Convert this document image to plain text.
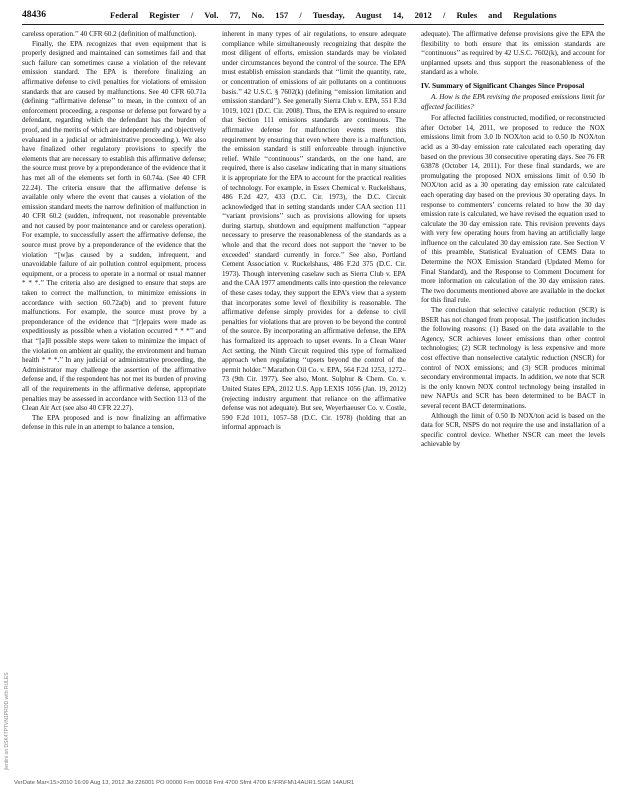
48436	Federal Register / Vol. 77, No. 157 / Tuesday, August 14, 2012 / Rules and Regulations

careless operation.’’ 40 CFR 60.2 (definition of malfunction).

Finally, the EPA recognizes that even equipment that is properly designed and maintained can sometimes fail and that such failure can sometimes cause a violation of the relevant emission standard. The EPA is therefore finalizing an affirmative defense to civil penalties for violations of emission standards that are caused by malfunctions. See 40 CFR 60.71a (defining ‘‘affirmative defense’’ to mean, in the context of an enforcement proceeding, a response or defense put forward by a defendant, regarding which the defendant has the burden of proof, and the merits of which are independently and objectively evaluated in a judicial or administrative proceeding.). We also have finalized other regulatory provisions to specify the elements that are necessary to establish this affirmative defense; the source must prove by a preponderance of the evidence that it has met all of the elements set forth in 60.74a. (See 40 CFR 22.24). The criteria ensure that the affirmative defense is available only where the event that causes a violation of the emission standard meets the narrow definition of malfunction in 40 CFR 60.2 (sudden, infrequent, not reasonable preventable and not caused by poor maintenance and or careless operation). For example, to successfully assert the affirmative defense, the source must prove by a preponderance of the evidence that the violation ‘‘[w]as caused by a sudden, infrequent, and unavoidable failure of air pollution control equipment, process equipment, or a process to operate in a normal or usual manner * * *.’’ The criteria also are designed to ensure that steps are taken to correct the malfunction, to minimize emissions in accordance with section 60.72a(b) and to prevent future malfunctions. For example, the source must prove by a preponderance of the evidence that ‘‘[r]epairs were made as expeditiously as possible when a violation occurred * * *’’ and that ‘‘[a]ll possible steps were taken to minimize the impact of the violation on ambient air quality, the environment and human health * * *.’’ In any judicial or administrative proceeding, the Administrator may challenge the assertion of the affirmative defense and, if the respondent has not met its burden of proving all of the requirements in the affirmative defense, appropriate penalties may be assessed in accordance with Section 113 of the Clean Air Act (see also 40 CFR 22.27).

The EPA proposed and is now finalizing an affirmative defense in this rule in an attempt to balance a tension,

inherent in many types of air regulations, to ensure adequate compliance while simultaneously recognizing that despite the most diligent of efforts, emission standards may be violated under circumstances beyond the control of the source. The EPA must establish emission standards that ‘‘limit the quantity, rate, or concentration of emissions of air pollutants on a continuous basis.’’ 42 U.S.C. § 7602(k) (defining ‘‘emission limitation and emission standard’’). See generally Sierra Club v. EPA, 551 F.3d 1019, 1021 (D.C. Cir. 2008). Thus, the EPA is required to ensure that Section 111 emissions standards are continuous. The affirmative defense for malfunction events meets this requirement by ensuring that even where there is a malfunction, the emission standard is still enforceable through injunctive relief. While ‘‘continuous’’ standards, on the one hand, are required, there is also caselaw indicating that in many situations it is appropriate for the EPA to account for the practical realities of technology. For example, in Essex Chemical v. Ruckelshaus, 486 F.2d 427, 433 (D.C. Cir. 1973), the D.C. Circuit acknowledged that in setting standards under CAA section 111 ‘‘variant provisions’’ such as provisions allowing for upsets during startup, shutdown and equipment malfunction ‘‘appear necessary to preserve the reasonableness of the standards as a whole and that the record does not support the ‘never to be exceeded’ standard currently in force.’’ See also, Portland Cement Association v. Ruckelshaus, 486 F.2d 375 (D.C. Cir. 1973). Though intervening caselaw such as Sierra Club v. EPA and the CAA 1977 amendments calls into question the relevance of these cases today, they support the EPA’s view that a system that incorporates some level of flexibility is reasonable. The affirmative defense simply provides for a defense to civil penalties for violations that are proven to be beyond the control of the source. By incorporating an affirmative defense, the EPA has formalized its approach to upset events. In a Clean Water Act setting, the Ninth Circuit required this type of formalized approach when regulating ‘‘upsets beyond the control of the permit holder.’’ Marathon Oil Co. v. EPA, 564 F.2d 1253, 1272–73 (9th Cir. 1977). See also, Mont. Sulphur & Chem. Co. v. United States EPA, 2012 U.S. App LEXIS 1056 (Jan. 19, 2012) (rejecting industry argument that reliance on the affirmative defense was not adequate). But see, Weyerhaeuser Co. v. Costle, 590 F.2d 1011, 1057–58 (D.C. Cir. 1978) (holding that an informal approach is

adequate). The affirmative defense provisions give the EPA the flexibility to both ensure that its emission standards are ‘‘continuous’’ as required by 42 U.S.C. 7602(k), and account for unplanned upsets and thus support the reasonableness of the standard as a whole.

IV. Summary of Significant Changes Since Proposal
A. How is the EPA revising the proposed emissions limit for affected facilities?

For affected facilities constructed, modified, or reconstructed after October 14, 2011, we proposed to reduce the NOX emissions limit from 3.0 lb NOX/ton acid to 0.50 lb NOX/ton acid as a 30-day emission rate calculated each operating day based on the previous 30 consecutive operating days. See 76 FR 63878 (October 14, 2011). For these final standards, we are promulgating the proposed NOX emissions limit of 0.50 lb NOX/ton acid as a 30 operating day emission rate calculated each operating day based on the previous 30 operating days. In response to commenters’ concerns related to how the 30 day emission rate is calculated, we have revised the equation used to calculate the 30 day emission rate. This revision prevents days with very few operating hours from having an artificially large influence on the calculated 30 day emission rate. See Section V of this preamble, Statistical Evaluation of CEMS Data to Determine the NOX Emission Standard (Updated Memo for Final Standard), and the Response to Comment Document for more information on calculation of the 30 day emission rates. The two documents mentioned above are available in the docket for this final rule.

The conclusion that selective catalytic reduction (SCR) is BSER has not changed from proposal. The justification includes the following reasons: (1) Based on the data available to the Agency, SCR achieves lower emissions than other control technologies; (2) SCR technology is less expensive and more cost effective than nonselective catalytic reduction (NSCR) for control of NOX emissions; and (3) SCR produces minimal secondary environmental impacts. In addition, we note that SCR is the only known NOX control technology being installed in new NAPUs and SCR has been determined to be BACT in several recent BACT determinations.

Although the limit of 0.50 lb NOX/ton acid is based on the data for SCR, NSPS do not require the use and installation of a specific control device. Whether NSCR can meet the levels achievable by

jlentini on DSK4TPTVN1PROD with RULES
VerDate Mar<15>2010 16:09 Aug 13, 2012 Jkt 226001 PO 00000 Frm 00018 Fmt 4700 Sfmt 4700 E:\FR\FM\14AUR1.SGM 14AUR1
